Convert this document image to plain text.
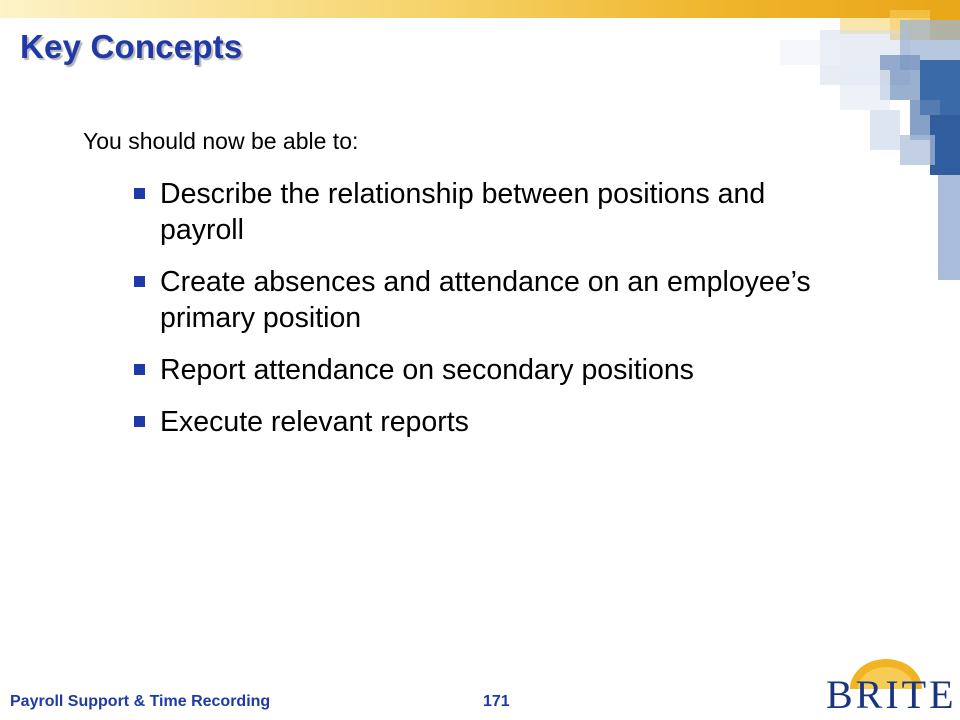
Key Concepts
You should now be able to:
Describe the relationship between positions and payroll
Create absences and attendance on an employee’s primary position
Report attendance on secondary positions
Execute relevant reports
Payroll Support & Time Recording	171	BRITE
